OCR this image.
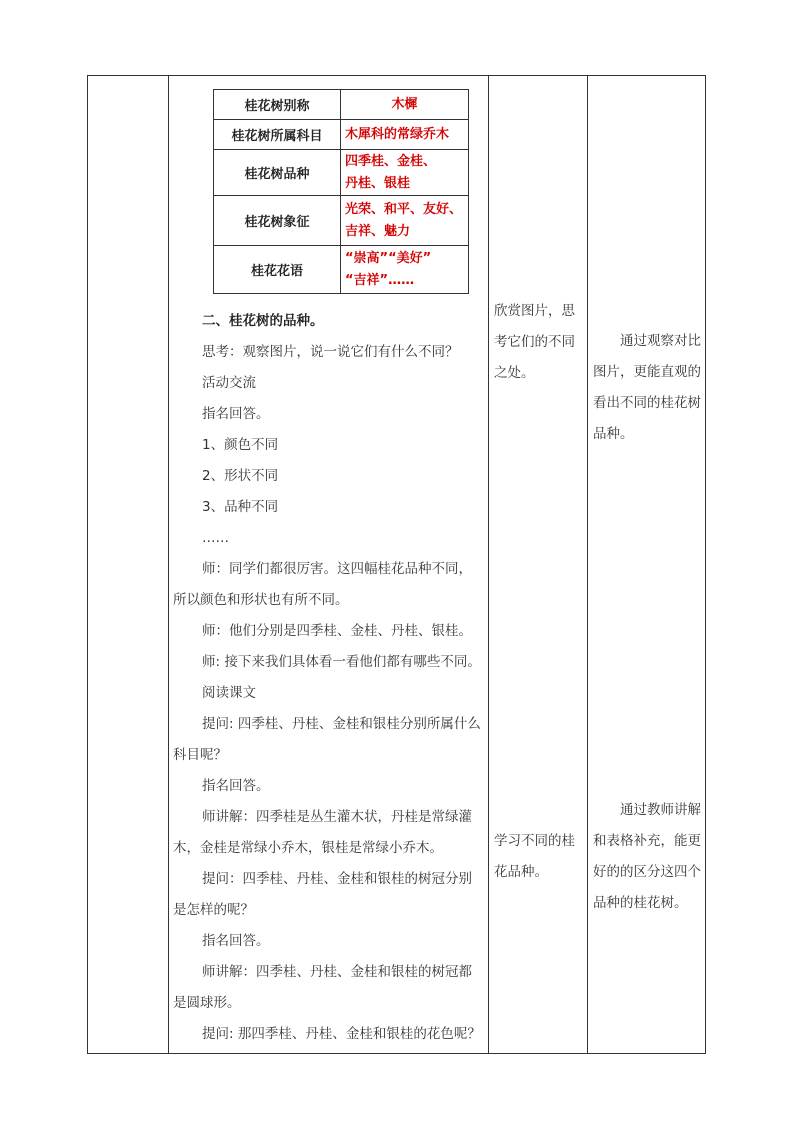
桂花树别称	木樨
桂花树所属科目	木犀科的常绿乔木
桂花树品种	四季桂、金桂、
丹桂、银桂

桂花树象征	光荣、和平、友好、
吉祥、魅力

桂花花语	“崇高”“美好”
“吉祥”……

二、桂花树的品种。

思考：观察图片，说一说它们有什么不同？

活动交流

指名回答。

1、颜色不同

2、形状不同

3、品种不同

……

师：同学们都很厉害。这四幅桂花品种不同，所以颜色和形状也有所不同。

师：他们分别是四季桂、金桂、丹桂、银桂。

师: 接下来我们具体看一看他们都有哪些不同。

阅读课文

提问: 四季桂、丹桂、金桂和银桂分别所属什么科目呢？

指名回答。

师讲解：四季桂是丛生灌木状，丹桂是常绿灌木，金桂是常绿小乔木，银桂是常绿小乔木。

提问：四季桂、丹桂、金桂和银桂的树冠分别是怎样的呢？

指名回答。

师讲解：四季桂、丹桂、金桂和银桂的树冠都是圆球形。

提问: 那四季桂、丹桂、金桂和银桂的花色呢？

欣赏图片，思考它们的不同之处。
学习不同的桂花品种。
通过观察对比图片，更能直观的看出不同的桂花树品种。
通过教师讲解和表格补充，能更好的的区分这四个品种的桂花树。
